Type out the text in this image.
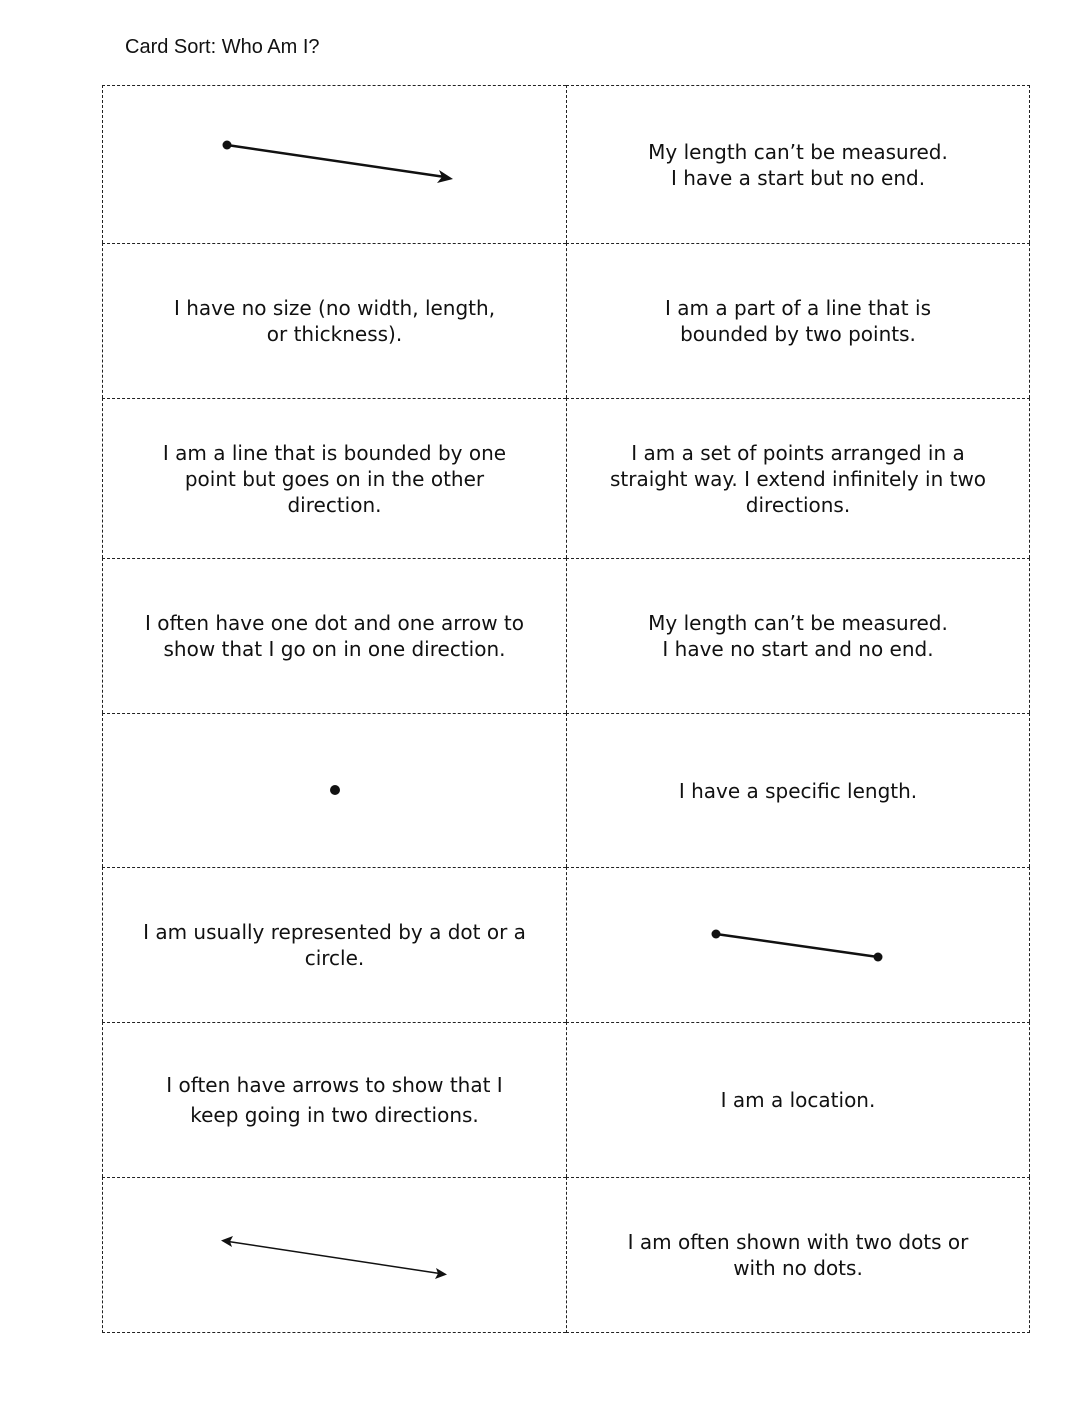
Card Sort: Who Am I?
My length can’t be measured.
I have a start but no end.
I have no size (no width, length,
or thickness).
I am a part of a line that is
bounded by two points.
I am a line that is bounded by one
point but goes on in the other
direction.
I am a set of points arranged in a
straight way. I extend infinitely in two
directions.
I often have one dot and one arrow to
show that I go on in one direction.
My length can’t be measured.
I have no start and no end.
I have a specific length.
I am usually represented by a dot or a
circle.
I often have arrows to show that I
keep going in two directions.
I am a location.
I am often shown with two dots or
with no dots.
